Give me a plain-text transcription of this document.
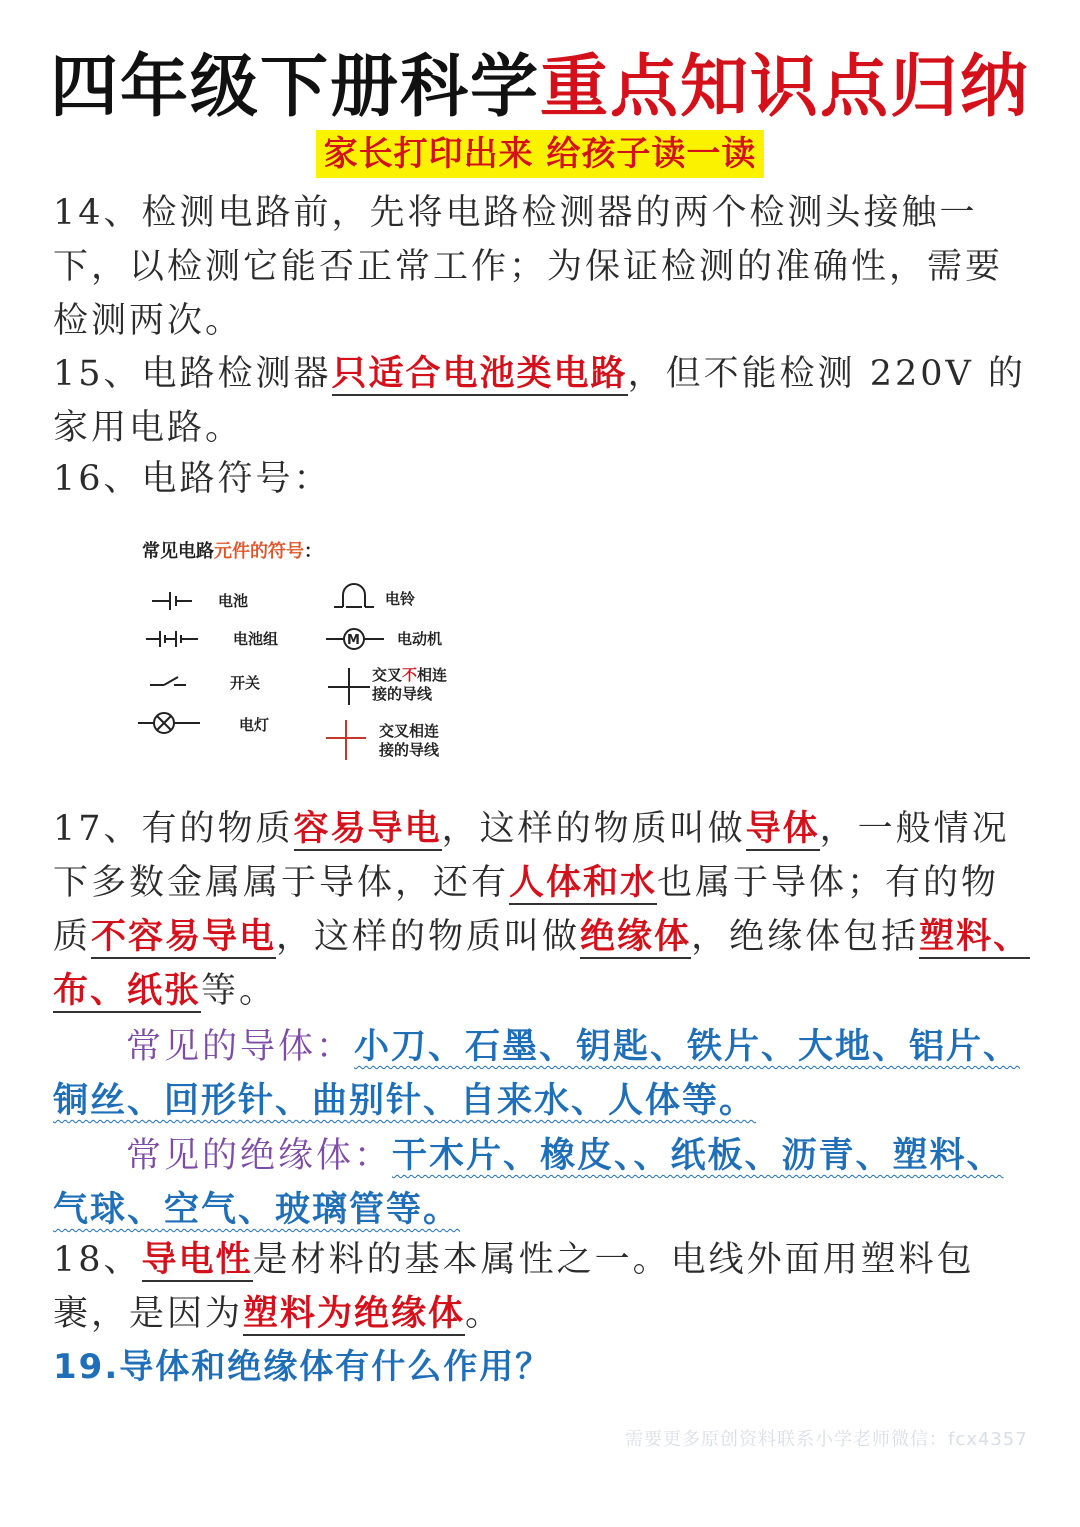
四年级下册科学重点知识点归纳
家长打印出来 给孩子读一读
14、检测电路前，先将电路检测器的两个检测头接触一下，以检测它能否正常工作；为保证检测的准确性，需要检测两次。
15、电路检测器只适合电池类电路，但不能检测 220V 的家用电路。
16、电路符号：
常见电路元件的符号：
M
电池
电池组
开关
电灯
电铃
电动机
交叉不相连
接的导线
交叉相连
接的导线
17、有的物质容易导电，这样的物质叫做导体，一般情况下多数金属属于导体，还有人体和水也属于导体；有的物质不容易导电，这样的物质叫做绝缘体，绝缘体包括塑料、布、纸张等。
常见的导体：小刀、石墨、钥匙、铁片、大地、铝片、铜丝、回形针、曲别针、自来水、人体等。
常见的绝缘体：干木片、橡皮、、纸板、沥青、塑料、气球、空气、玻璃管等。
18、导电性是材料的基本属性之一。电线外面用塑料包裹，是因为塑料为绝缘体。
19.导体和绝缘体有什么作用？
需要更多原创资料联系小学老师微信：fcx4357
